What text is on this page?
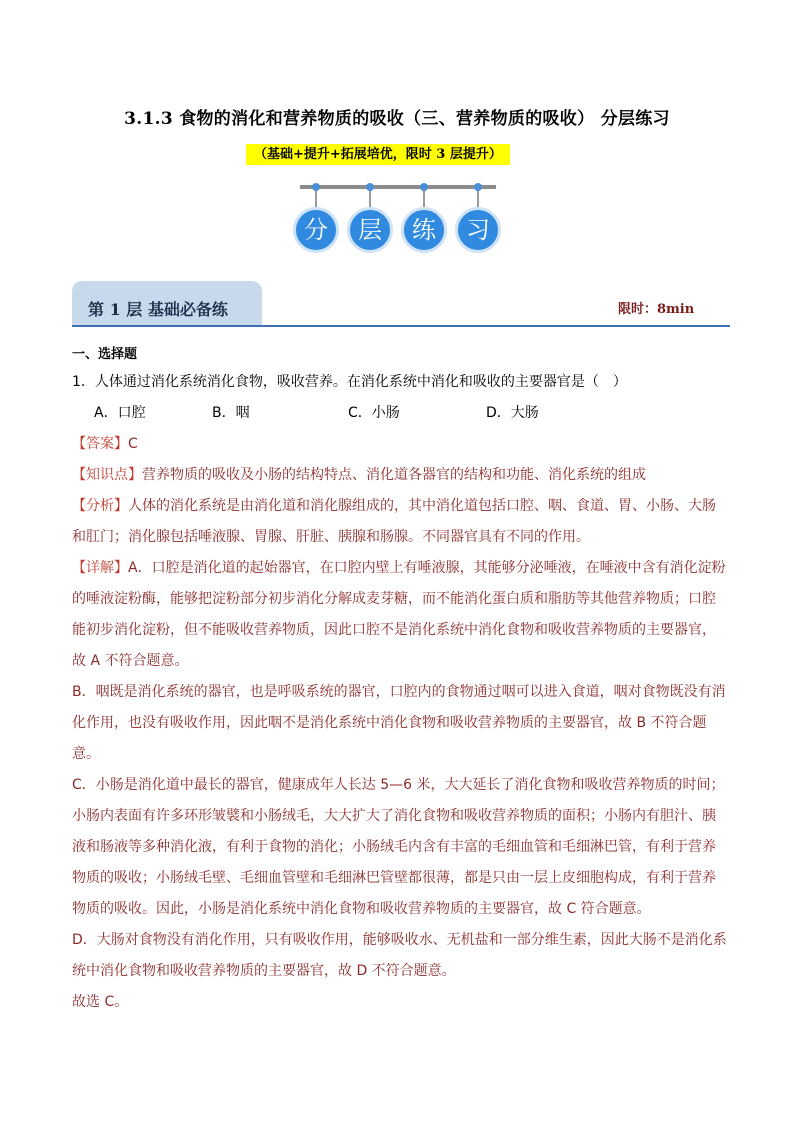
3.1.3 食物的消化和营养物质的吸收（三、营养物质的吸收） 分层练习
（基础+提升+拓展培优，限时 3 层提升）
分	层	练	习
第 1 层 基础必备练	限时：8min
一、选择题
1．人体通过消化系统消化食物，吸收营养。在消化系统中消化和吸收的主要器官是（　）
A．口腔	B．咽	C．小肠	D．大肠

【答案】C

【知识点】营养物质的吸收及小肠的结构特点、消化道各器官的结构和功能、消化系统的组成

【分析】人体的消化系统是由消化道和消化腺组成的，其中消化道包括口腔、咽、食道、胃、小肠、大肠和肛门；消化腺包括唾液腺、胃腺、肝脏、胰腺和肠腺。不同器官具有不同的作用。

【详解】A．口腔是消化道的起始器官，在口腔内壁上有唾液腺，其能够分泌唾液，在唾液中含有消化淀粉的唾液淀粉酶，能够把淀粉部分初步消化分解成麦芽糖，而不能消化蛋白质和脂肪等其他营养物质；口腔能初步消化淀粉，但不能吸收营养物质，因此口腔不是消化系统中消化食物和吸收营养物质的主要器官，故 A 不符合题意。

B．咽既是消化系统的器官，也是呼吸系统的器官，口腔内的食物通过咽可以进入食道，咽对食物既没有消化作用，也没有吸收作用，因此咽不是消化系统中消化食物和吸收营养物质的主要器官，故 B 不符合题意。

C．小肠是消化道中最长的器官，健康成年人长达 5—6 米，大大延长了消化食物和吸收营养物质的时间；小肠内表面有许多环形皱襞和小肠绒毛，大大扩大了消化食物和吸收营养物质的面积；小肠内有胆汁、胰液和肠液等多种消化液，有利于食物的消化；小肠绒毛内含有丰富的毛细血管和毛细淋巴管，有利于营养物质的吸收；小肠绒毛壁、毛细血管壁和毛细淋巴管壁都很薄，都是只由一层上皮细胞构成，有利于营养物质的吸收。因此，小肠是消化系统中消化食物和吸收营养物质的主要器官，故 C 符合题意。

D．大肠对食物没有消化作用，只有吸收作用，能够吸收水、无机盐和一部分维生素，因此大肠不是消化系统中消化食物和吸收营养物质的主要器官，故 D 不符合题意。

故选 C。
